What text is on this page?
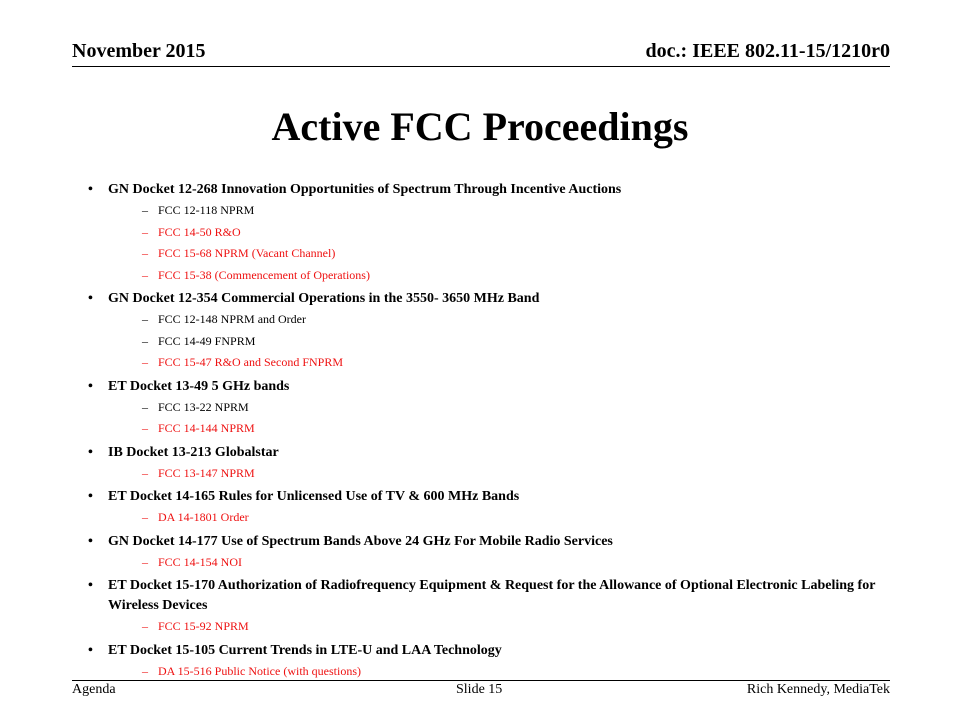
November 2015	doc.: IEEE 802.11-15/1210r0
Active FCC Proceedings
• GN Docket 12-268 Innovation Opportunities of Spectrum Through Incentive Auctions
– FCC 12-118 NPRM
– FCC 14-50 R&O
– FCC 15-68 NPRM (Vacant Channel)
– FCC 15-38 (Commencement of Operations)
• GN Docket 12-354 Commercial Operations in the 3550- 3650 MHz Band
– FCC 12-148 NPRM and Order
– FCC 14-49 FNPRM
– FCC 15-47 R&O and Second FNPRM
• ET Docket 13-49 5 GHz bands
– FCC 13-22 NPRM
– FCC 14-144 NPRM
• IB Docket 13-213 Globalstar
– FCC 13-147 NPRM
• ET Docket 14-165 Rules for Unlicensed Use of TV & 600 MHz Bands
– DA 14-1801 Order
• GN Docket 14-177 Use of Spectrum Bands Above 24 GHz For Mobile Radio Services
– FCC 14-154 NOI
• ET Docket 15-170 Authorization of Radiofrequency Equipment & Request for the Allowance of Optional Electronic Labeling for Wireless Devices
– FCC 15-92 NPRM
• ET Docket 15-105 Current Trends in LTE-U and LAA Technology
– DA 15-516 Public Notice (with questions)
Agenda	Slide 15	Rich Kennedy, MediaTek
